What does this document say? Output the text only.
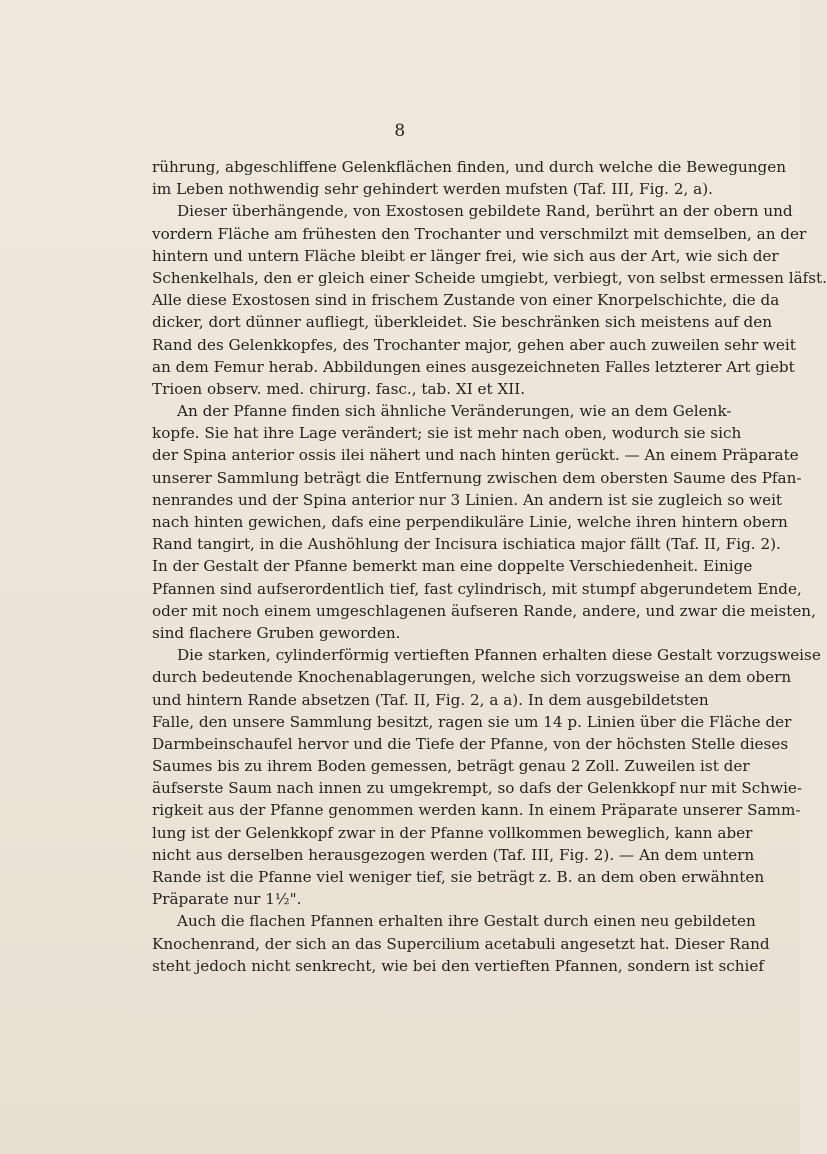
8
rührung, abgeschliffene Gelenkflächen finden, und durch welche die Bewegungen
im Leben nothwendig sehr gehindert werden mufsten (Taf. III, Fig. 2, a).
Dieser überhängende, von Exostosen gebildete Rand, berührt an der obern und
vordern Fläche am frühesten den Trochanter und verschmilzt mit demselben, an der
hintern und untern Fläche bleibt er länger frei, wie sich aus der Art, wie sich der
Schenkelhals, den er gleich einer Scheide umgiebt, verbiegt, von selbst ermessen läfst.
Alle diese Exostosen sind in frischem Zustande von einer Knorpelschichte, die da
dicker, dort dünner aufliegt, überkleidet. Sie beschränken sich meistens auf den
Rand des Gelenkkopfes, des Trochanter major, gehen aber auch zuweilen sehr weit
an dem Femur herab. Abbildungen eines ausgezeichneten Falles letzterer Art giebt
Trioen observ. med. chirurg. fasc., tab. XI et XII.
An der Pfanne finden sich ähnliche Veränderungen, wie an dem Gelenk-
kopfe. Sie hat ihre Lage verändert; sie ist mehr nach oben, wodurch sie sich
der Spina anterior ossis ilei nähert und nach hinten gerückt. — An einem Präparate
unserer Sammlung beträgt die Entfernung zwischen dem obersten Saume des Pfan-
nenrandes und der Spina anterior nur 3 Linien. An andern ist sie zugleich so weit
nach hinten gewichen, dafs eine perpendikuläre Linie, welche ihren hintern obern
Rand tangirt, in die Aushöhlung der Incisura ischiatica major fällt (Taf. II, Fig. 2).
In der Gestalt der Pfanne bemerkt man eine doppelte Verschiedenheit. Einige
Pfannen sind aufserordentlich tief, fast cylindrisch, mit stumpf abgerundetem Ende,
oder mit noch einem umgeschlagenen äufseren Rande, andere, und zwar die meisten,
sind flachere Gruben geworden.
Die starken, cylinderförmig vertieften Pfannen erhalten diese Gestalt vorzugsweise
durch bedeutende Knochenablagerungen, welche sich vorzugsweise an dem obern
und hintern Rande absetzen (Taf. II, Fig. 2, a a). In dem ausgebildetsten
Falle, den unsere Sammlung besitzt, ragen sie um 14 p. Linien über die Fläche der
Darmbeinschaufel hervor und die Tiefe der Pfanne, von der höchsten Stelle dieses
Saumes bis zu ihrem Boden gemessen, beträgt genau 2 Zoll. Zuweilen ist der
äufserste Saum nach innen zu umgekrempt, so dafs der Gelenkkopf nur mit Schwie-
rigkeit aus der Pfanne genommen werden kann. In einem Präparate unserer Samm-
lung ist der Gelenkkopf zwar in der Pfanne vollkommen beweglich, kann aber
nicht aus derselben herausgezogen werden (Taf. III, Fig. 2). — An dem untern
Rande ist die Pfanne viel weniger tief, sie beträgt z. B. an dem oben erwähnten
Präparate nur 1½".
Auch die flachen Pfannen erhalten ihre Gestalt durch einen neu gebildeten
Knochenrand, der sich an das Supercilium acetabuli angesetzt hat. Dieser Rand
steht jedoch nicht senkrecht, wie bei den vertieften Pfannen, sondern ist schief
